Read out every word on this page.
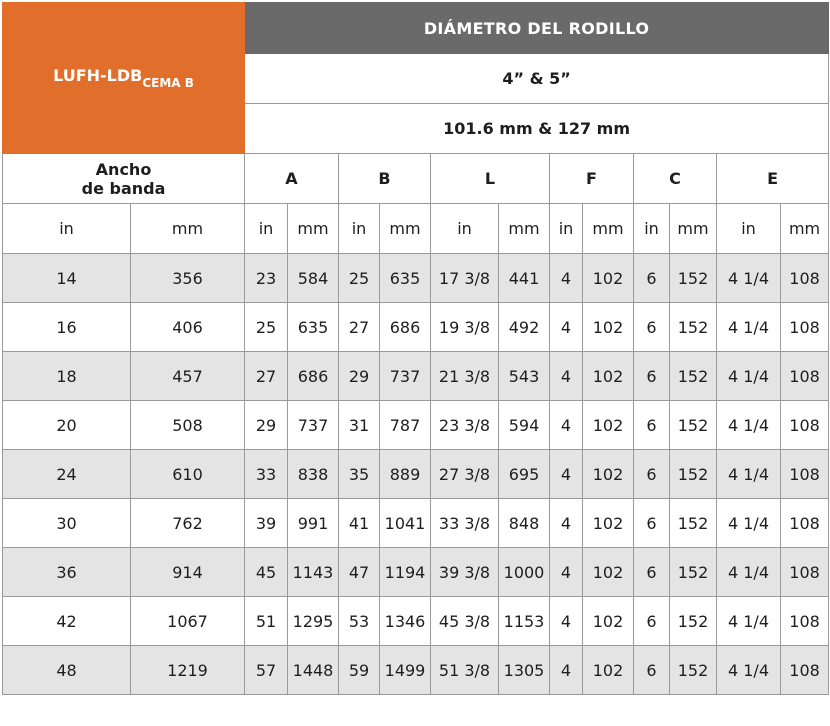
LUFH-$LDB_{CEMA B}$		DIÁMETRO DEL RODILLO											
		4” & 5”											
		101.6 mm & 127 mm											

Ancho
de banda		A		B		L		F		C		E	
in	mm	in	mm	in	mm	in	mm	in	mm	in	mm	in	mm
14	356	23	584	25	635	17 3/8	441	4	102	6	152	4 1/4	108
16	406	25	635	27	686	19 3/8	492	4	102	6	152	4 1/4	108
18	457	27	686	29	737	21 3/8	543	4	102	6	152	4 1/4	108
20	508	29	737	31	787	23 3/8	594	4	102	6	152	4 1/4	108
24	610	33	838	35	889	27 3/8	695	4	102	6	152	4 1/4	108
30	762	39	991	41	1041	33 3/8	848	4	102	6	152	4 1/4	108
36	914	45	1143	47	1194	39 3/8	1000	4	102	6	152	4 1/4	108
42	1067	51	1295	53	1346	45 3/8	1153	4	102	6	152	4 1/4	108
48	1219	57	1448	59	1499	51 3/8	1305	4	102	6	152	4 1/4	108
